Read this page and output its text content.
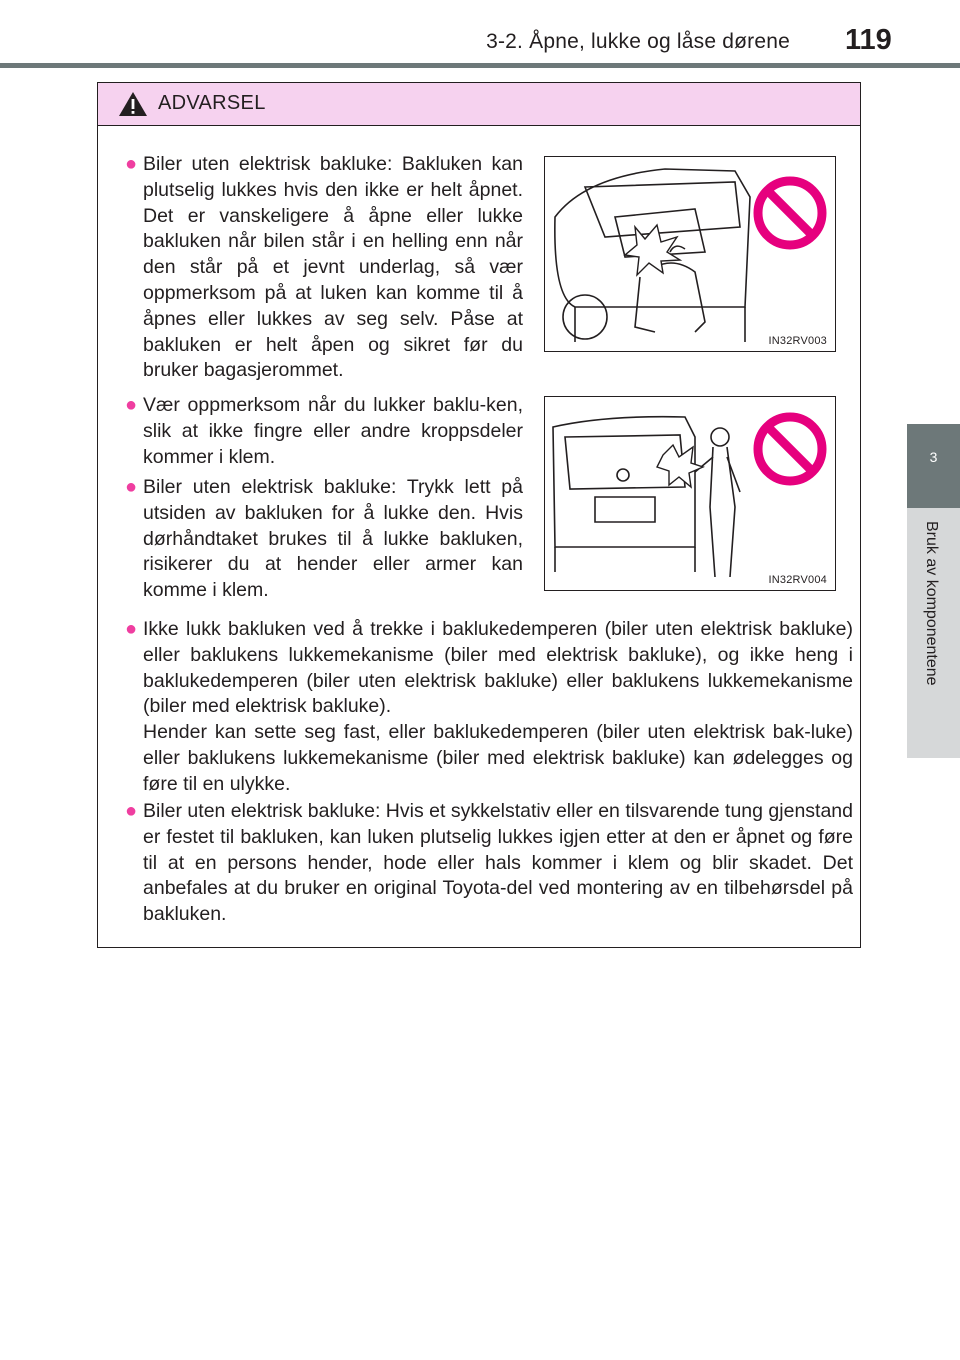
3-2. Åpne, lukke og låse dørene 119
3
Bruk av komponentene
ADVARSEL

● Biler uten elektrisk bakluke: Bakluken kan plutselig lukkes hvis den ikke er helt åpnet. Det er vanskeligere å åpne eller lukke bakluken når bilen står i en helling enn når den står på et jevnt underlag, så vær oppmerksom på at luken kan komme til å åpnes eller lukkes av seg selv. Påse at bakluken er helt åpen og sikret før du bruker bagasjerommet.

IN32RV003

● Vær oppmerksom når du lukker baklu-ken, slik at ikke fingre eller andre kroppsdeler kommer i klem.

● Biler uten elektrisk bakluke: Trykk lett på utsiden av bakluken for å lukke den. Hvis dørhåndtaket brukes til å lukke bakluken, risikerer du at hender eller armer kan komme i klem.	IN32RV004

● Ikke lukk bakluken ved å trekke i baklukedemperen (biler uten elektrisk bakluke) eller baklukens lukkemekanisme (biler med elektrisk bakluke), og ikke heng i baklukedemperen (biler uten elektrisk bakluke) eller baklukens lukkemekanisme (biler med elektrisk bakluke).

Hender kan sette seg fast, eller baklukedemperen (biler uten elektrisk bak-luke) eller baklukens lukkemekanisme (biler med elektrisk bakluke) kan ødelegges og føre til en ulykke.

● Biler uten elektrisk bakluke: Hvis et sykkelstativ eller en tilsvarende tung gjenstand er festet til bakluken, kan luken plutselig lukkes igjen etter at den er åpnet og føre til at en persons hender, hode eller hals kommer i klem og blir skadet. Det anbefales at du bruker en original Toyota-del ved montering av en tilbehørsdel på bakluken.
